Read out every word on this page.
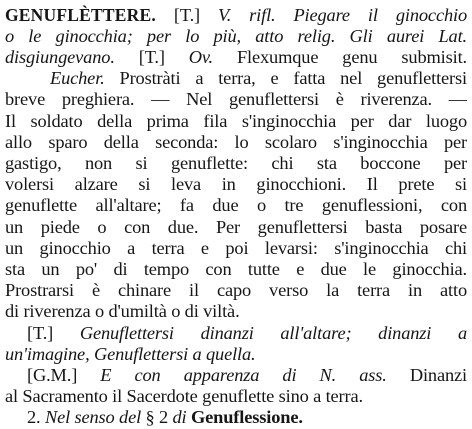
GENUFLÈTTERE. [T.] V. rifl. Piegare il ginocchio
o le ginocchia; per lo più, atto relig. Gli aurei Lat.
disgiungevano. [T.] Ov. Flexumque genu submisit.
Eucher. Prostràti a terra, e fatta nel genuflettersi
breve preghiera. — Nel genuflettersi è riverenza. —
Il soldato della prima fila s'inginocchia per dar luogo
allo sparo della seconda: lo scolaro s'inginocchia per
gastigo, non si genuflette: chi sta boccone per
volersi alzare si leva in ginocchioni. Il prete si
genuflette all'altare; fa due o tre genuflessioni, con
un piede o con due. Per genuflettersi basta posare
un ginocchio a terra e poi levarsi: s'inginocchia chi
sta un po' di tempo con tutte e due le ginocchia.
Prostrarsi è chinare il capo verso la terra in atto
di riverenza o d'umiltà o di viltà.
[T.] Genuflettersi dinanzi all'altare; dinanzi a
un'imagine, Genuflettersi a quella.
[G.M.] E con apparenza di N. ass. Dinanzi
al Sacramento il Sacerdote genuflette sino a terra.
2. Nel senso del § 2 di Genuflessione.
